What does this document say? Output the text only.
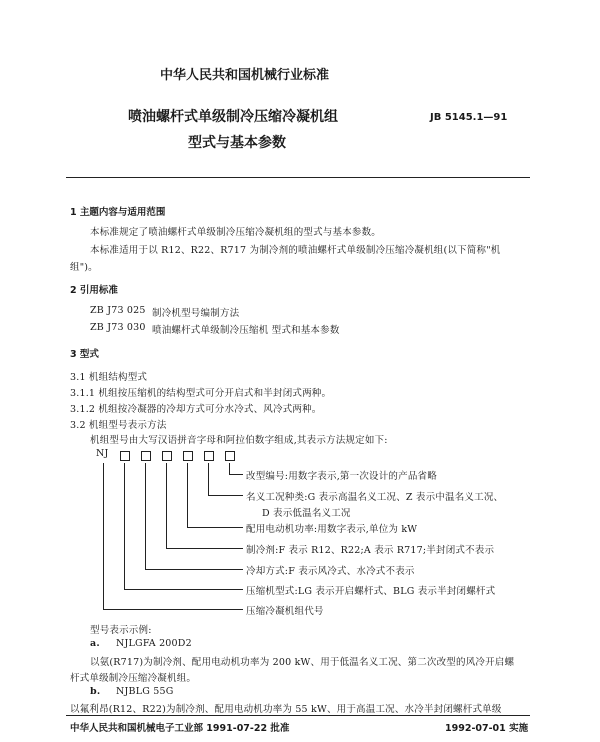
中华人民共和国机械行业标准
喷油螺杆式单级制冷压缩冷凝机组
型式与基本参数
JB 5145.1—91
1 主题内容与适用范围
本标准规定了喷油螺杆式单级制冷压缩冷凝机组的型式与基本参数。
本标准适用于以 R12、R22、R717 为制冷剂的喷油螺杆式单级制冷压缩冷凝机组(以下简称"机
组")。
2 引用标准
ZB J73 025 制冷机型号编制方法
ZB J73 030 喷油螺杆式单级制冷压缩机 型式和基本参数
3 型式
3.1 机组结构型式
3.1.1 机组按压缩机的结构型式可分开启式和半封闭式两种。
3.1.2 机组按冷凝器的冷却方式可分水冷式、风冷式两种。
3.2 机组型号表示方法
机组型号由大写汉语拼音字母和阿拉伯数字组成,其表示方法规定如下:
NJ
改型编号:用数字表示,第一次设计的产品省略
名义工况种类:G 表示高温名义工况、Z 表示中温名义工况、
D 表示低温名义工况
配用电动机功率:用数字表示,单位为 kW
制冷剂:F 表示 R12、R22;A 表示 R717;半封闭式不表示
冷却方式:F 表示风冷式、水冷式不表示
压缩机型式:LG 表示开启螺杆式、BLG 表示半封闭螺杆式
压缩冷凝机组代号
型号表示示例:
a. NJLGFA 200D2
以氨(R717)为制冷剂、配用电动机功率为 200 kW、用于低温名义工况、第二次改型的风冷开启螺
杆式单级制冷压缩冷凝机组。
b. NJBLG 55G
以氟利昂(R12、R22)为制冷剂、配用电动机功率为 55 kW、用于高温工况、水冷半封闭螺杆式单级
中华人民共和国机械电子工业部 1991-07-22 批准	1992-07-01 实施
